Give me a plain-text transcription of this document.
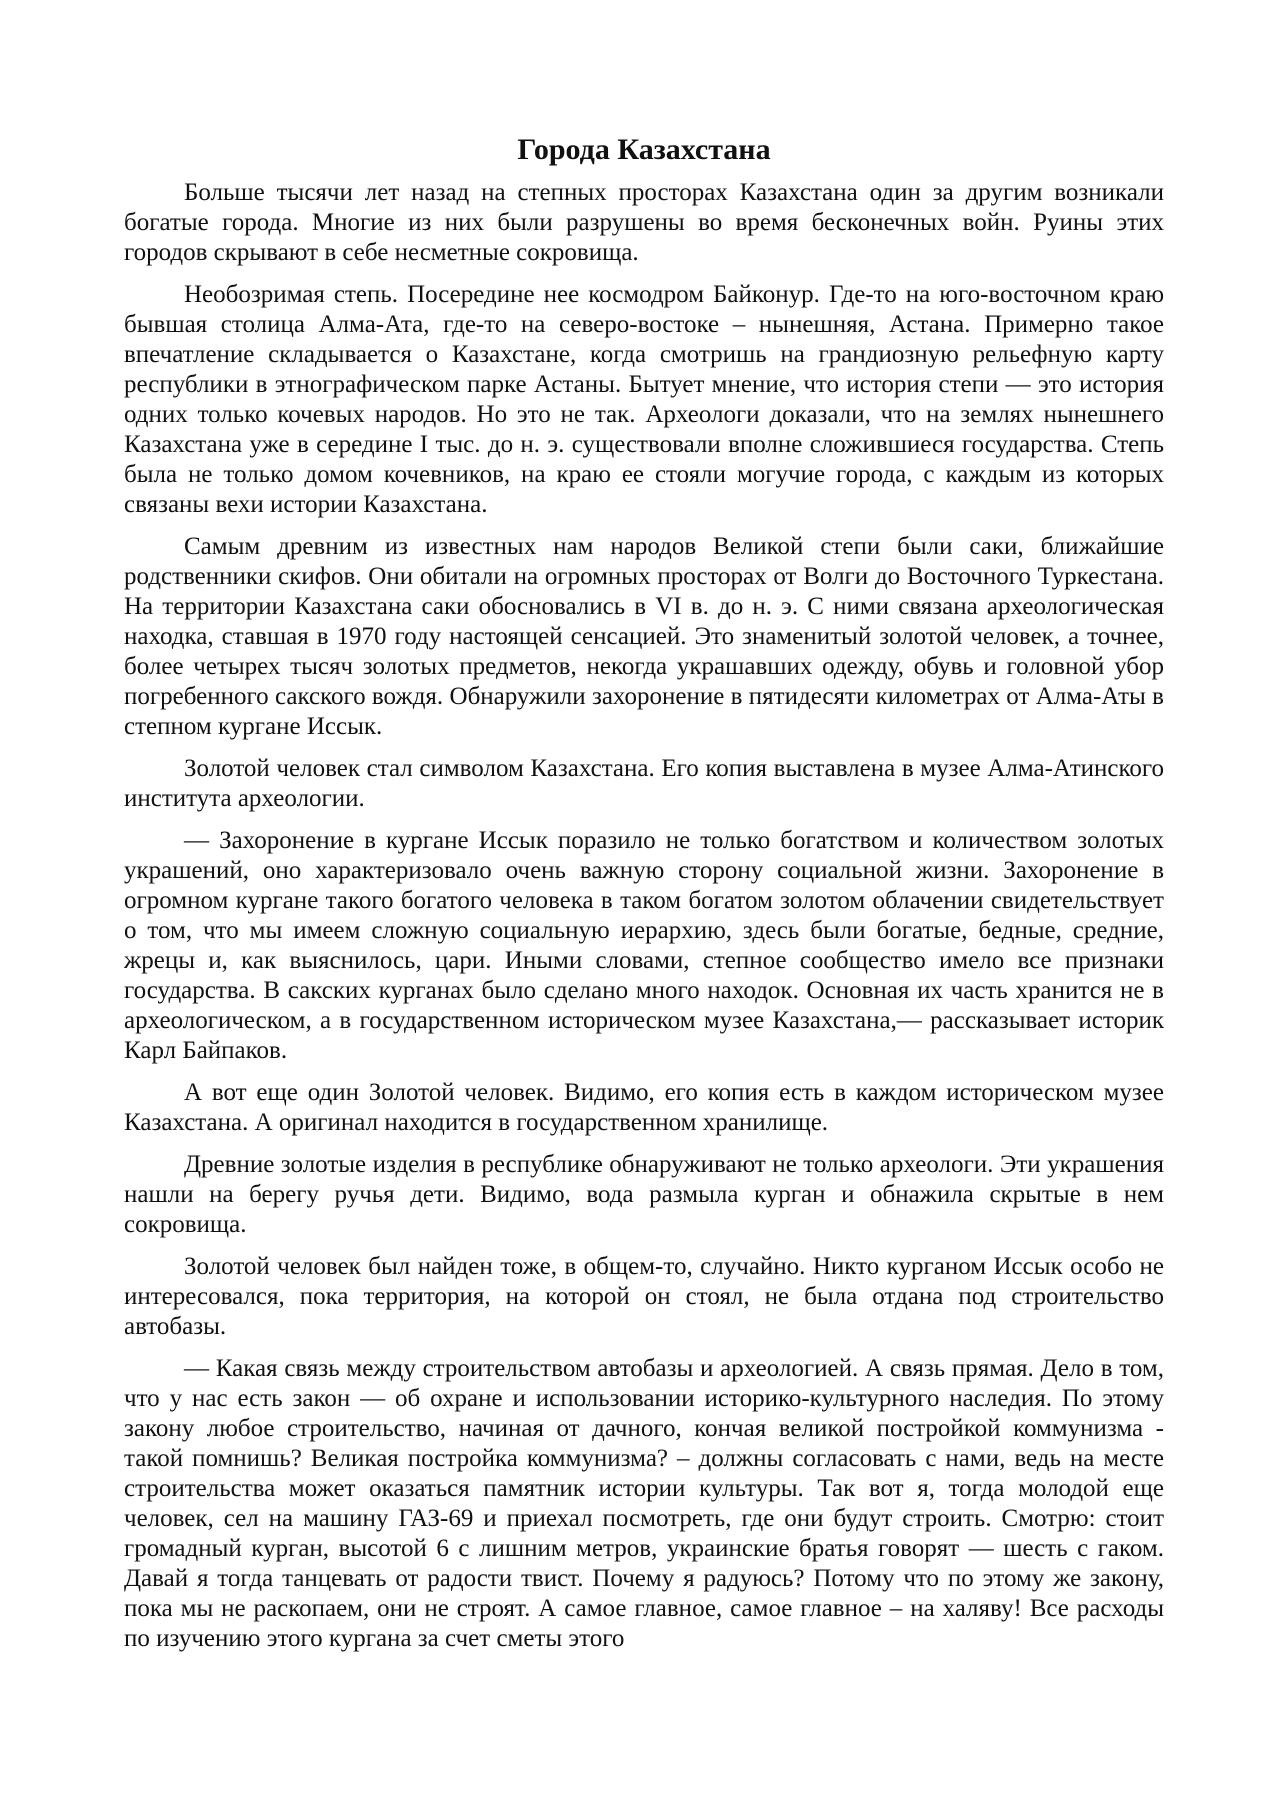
Города Казахстана

Больше тысячи лет назад на степных просторах Казахстана один за другим возникали богатые города. Многие из них были разрушены во время бесконечных войн. Руины этих городов скрывают в себе несметные сокровища.

Необозримая степь. Посередине нее космодром Байконур. Где-то на юго-восточном краю бывшая столица Алма-Ата, где-то на северо-востоке – нынешняя, Астана. Примерно такое впечатление складывается о Казахстане, когда смотришь на грандиозную рельефную карту республики в этнографическом парке Астаны. Бытует мнение, что история степи — это история одних только кочевых народов. Но это не так. Археологи доказали, что на землях нынешнего Казахстана уже в середине I тыс. до н. э. существовали вполне сложившиеся государства. Степь была не только домом кочевников, на краю ее стояли могучие города, с каждым из которых связаны вехи истории Казахстана.

Самым древним из известных нам народов Великой степи были саки, ближайшие родственники скифов. Они обитали на огромных просторах от Волги до Восточного Туркестана. На территории Казахстана саки обосновались в VI в. до н. э. С ними связана археологическая находка, ставшая в 1970 году настоящей сенсацией. Это знаменитый золотой человек, а точнее, более четырех тысяч золотых предметов, некогда украшавших одежду, обувь и головной убор погребенного сакского вождя. Обнаружили захоронение в пятидесяти километрах от Алма-Аты в степном кургане Иссык.

Золотой человек стал символом Казахстана. Его копия выставлена в музее Алма-Атинского института археологии.

— Захоронение в кургане Иссык поразило не только богатством и количеством золотых украшений, оно характеризовало очень важную сторону социальной жизни. Захоронение в огромном кургане такого богатого человека в таком богатом золотом облачении свидетельствует о том, что мы имеем сложную социальную иерархию, здесь были богатые, бедные, средние, жрецы и, как выяснилось, цари. Иными словами, степное сообщество имело все признаки государства. В сакских курганах было сделано много находок. Основная их часть хранится не в археологическом, а в государственном историческом музее Казахстана,— рассказывает историк Карл Байпаков.

А вот еще один Золотой человек. Видимо, его копия есть в каждом историческом музее Казахстана. А оригинал находится в государственном хранилище.

Древние золотые изделия в республике обнаруживают не только археологи. Эти украшения нашли на берегу ручья дети. Видимо, вода размыла курган и обнажила скрытые в нем сокровища.

Золотой человек был найден тоже, в общем-то, случайно. Никто курганом Иссык особо не интересовался, пока территория, на которой он стоял, не была отдана под строительство автобазы.

— Какая связь между строительством автобазы и археологией. А связь прямая. Дело в том, что у нас есть закон — об охране и использовании историко-культурного наследия. По этому закону любое строительство, начиная от дачного, кончая великой постройкой коммунизма - такой помнишь? Великая постройка коммунизма? – должны согласовать с нами, ведь на месте строительства может оказаться памятник истории культуры. Так вот я, тогда молодой еще человек, сел на машину ГАЗ-69 и приехал посмотреть, где они будут строить. Смотрю: стоит громадный курган, высотой 6 с лишним метров, украинские братья говорят — шесть с гаком. Давай я тогда танцевать от радости твист. Почему я радуюсь? Потому что по этому же закону, пока мы не раскопаем, они не строят. А самое главное, самое главное – на халяву! Все расходы по изучению этого кургана за счет сметы этого
